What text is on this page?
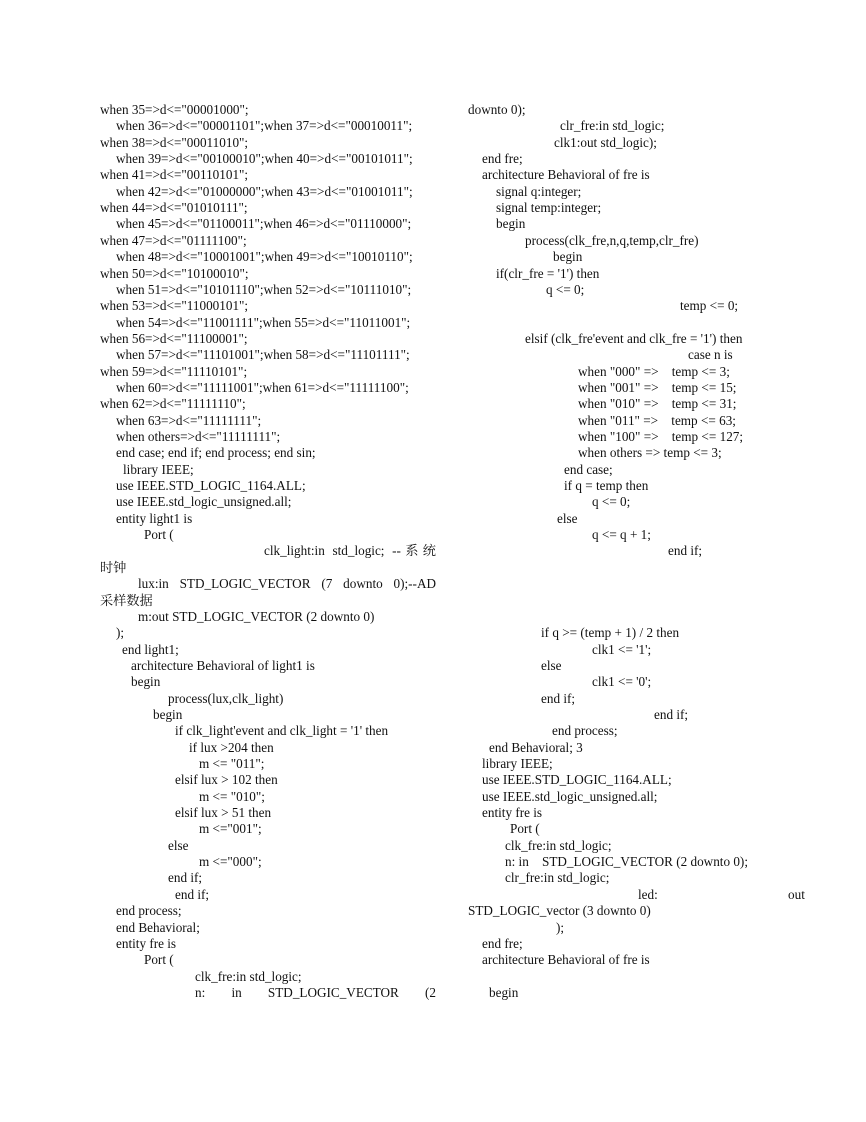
when 35=>d<="00001000";
when 36=>d<="00001101";when 37=>d<="00010011";
when 38=>d<="00011010";
when 39=>d<="00100010";when 40=>d<="00101011";
when 41=>d<="00110101";
when 42=>d<="01000000";when 43=>d<="01001011";
when 44=>d<="01010111";
when 45=>d<="01100011";when 46=>d<="01110000";
when 47=>d<="01111100";
when 48=>d<="10001001";when 49=>d<="10010110";
when 50=>d<="10100010";
when 51=>d<="10101110";when 52=>d<="10111010";
when 53=>d<="11000101";
when 54=>d<="11001111";when 55=>d<="11011001";
when 56=>d<="11100001";
when 57=>d<="11101001";when 58=>d<="11101111";
when 59=>d<="11110101";
when 60=>d<="11111001";when 61=>d<="11111100";
when 62=>d<="11111110";
when 63=>d<="11111111";
when others=>d<="11111111";
end case; end if; end process; end sin;
library IEEE;
use IEEE.STD_LOGIC_1164.ALL;
use IEEE.std_logic_unsigned.all;
entity light1 is
Port (
clk_light:in std_logic; --系统
时钟
lux:in STD_LOGIC_VECTOR (7 downto 0);--AD
采样数据
m:out STD_LOGIC_VECTOR (2 downto 0)
);
end light1;
architecture Behavioral of light1 is
begin
process(lux,clk_light)
begin
if clk_light'event and clk_light = '1' then
if lux >204 then
m <= "011";
elsif lux > 102 then
m <= "010";
elsif lux > 51 then
m <="001";
else
m <="000";
end if;
end if;
end process;
end Behavioral;
entity fre is
Port (
clk_fre:in std_logic;
n: in STD_LOGIC_VECTOR (2
downto 0);
clr_fre:in std_logic;
clk1:out std_logic);
end fre;
architecture Behavioral of fre is
signal q:integer;
signal temp:integer;
begin
process(clk_fre,n,q,temp,clr_fre)
begin
if(clr_fre = '1') then
q <= 0;
temp <= 0;
elsif (clk_fre'event and clk_fre = '1') then
case n is
when "000" =>    temp <= 3;
when "001" =>    temp <= 15;
when "010" =>    temp <= 31;
when "011" =>    temp <= 63;
when "100" =>    temp <= 127;
when others => temp <= 3;
end case;
if q = temp then
q <= 0;
else
q <= q + 1;
end if;
if q >= (temp + 1) / 2 then
clk1 <= '1';
else
clk1 <= '0';
end if;
end if;
end process;
end Behavioral; 3
library IEEE;
use IEEE.STD_LOGIC_1164.ALL;
use IEEE.std_logic_unsigned.all;
entity fre is
Port (
clk_fre:in std_logic;
n: in    STD_LOGIC_VECTOR (2 downto 0);
clr_fre:in std_logic;
led:	out
STD_LOGIC_vector (3 downto 0)
);
end fre;
architecture Behavioral of fre is
begin
